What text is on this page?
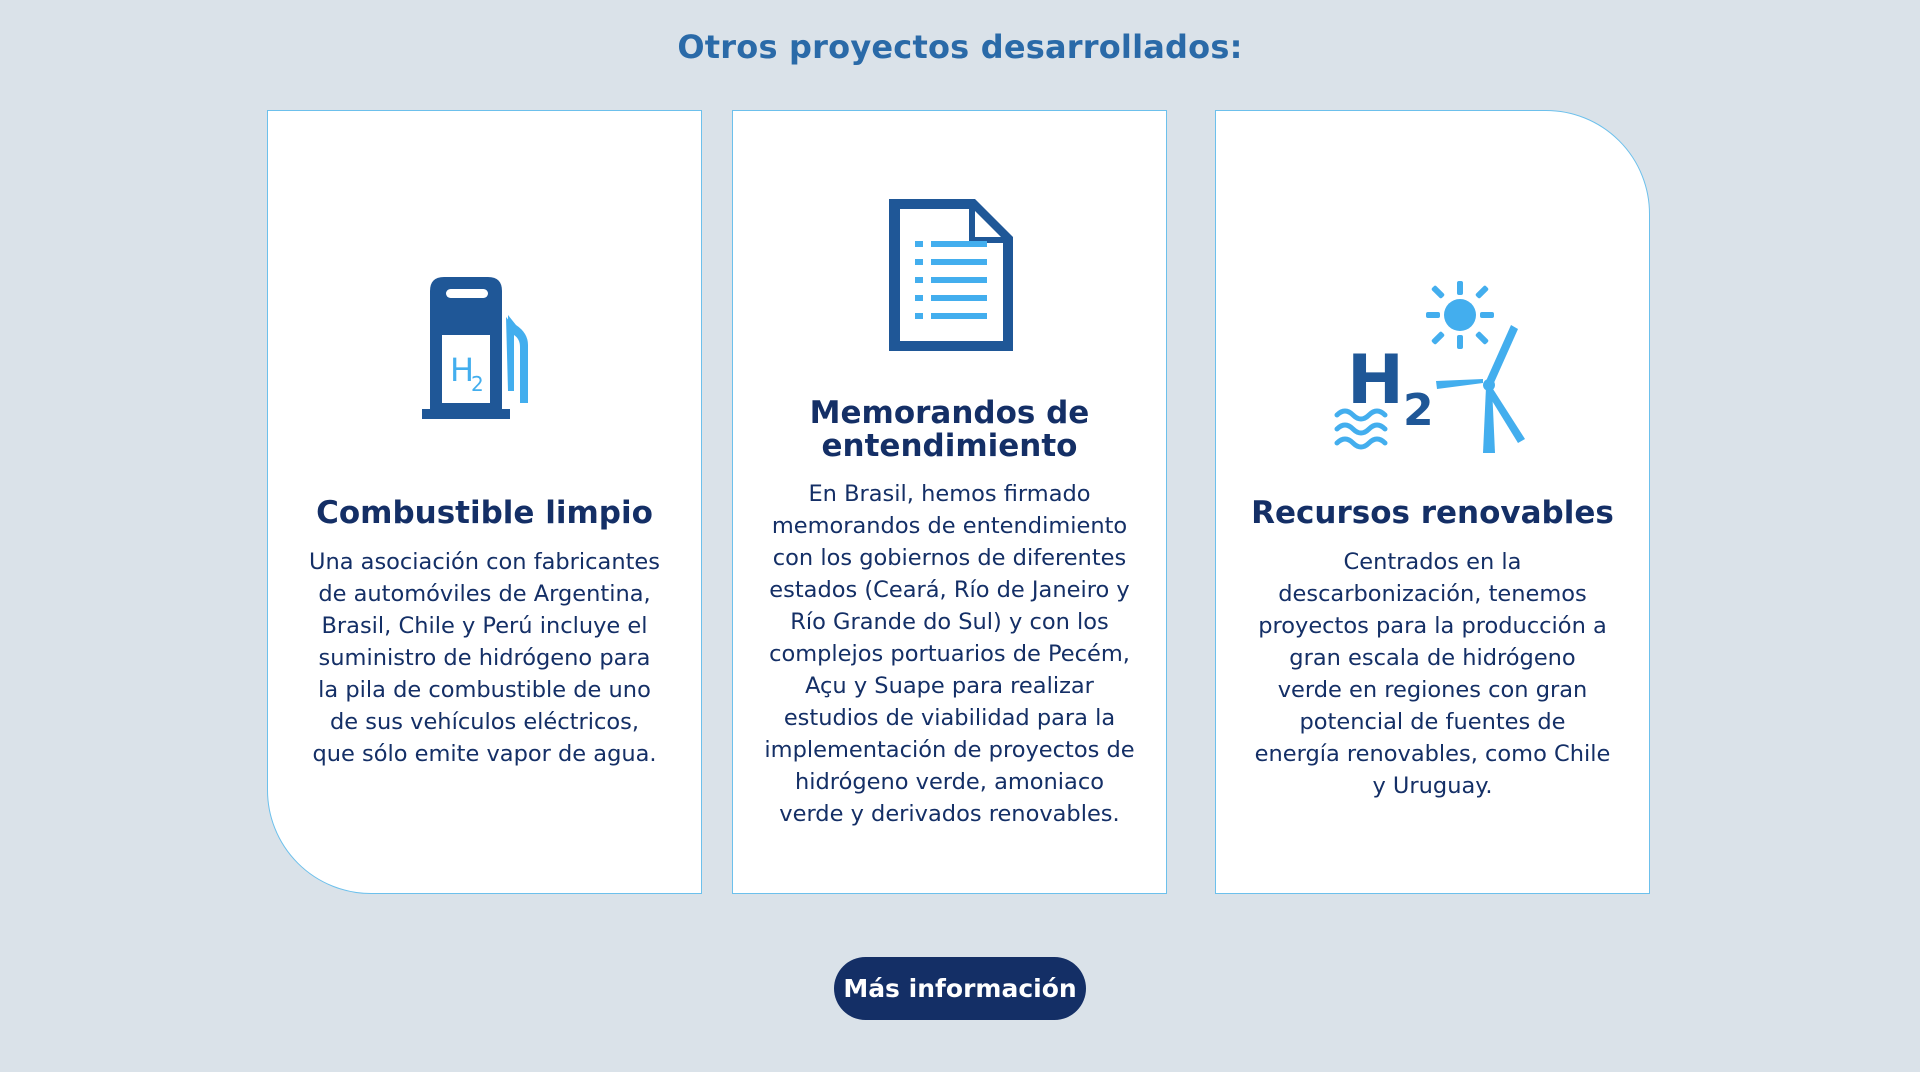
Otros proyectos desarrollados:
H
2
Combustible limpio

Una asociación con fabricantes de automóviles de Argentina, Brasil, Chile y Perú incluye el suministro de hidrógeno para la pila de combustible de uno de sus vehículos eléctricos, que sólo emite vapor de agua.

Memorandos de entendimiento

En Brasil, hemos firmado memorandos de entendimiento con los gobiernos de diferentes estados (Ceará, Río de Janeiro y Río Grande do Sul) y con los complejos portuarios de Pecém, Açu y Suape para realizar estudios de viabilidad para la implementación de proyectos de hidrógeno verde, amoniaco verde y derivados renovables.

H 2
Recursos renovables

Centrados en la descarbonización, tenemos proyectos para la producción a gran escala de hidrógeno verde en regiones con gran potencial de fuentes de energía renovables, como Chile y Uruguay.

Más información
